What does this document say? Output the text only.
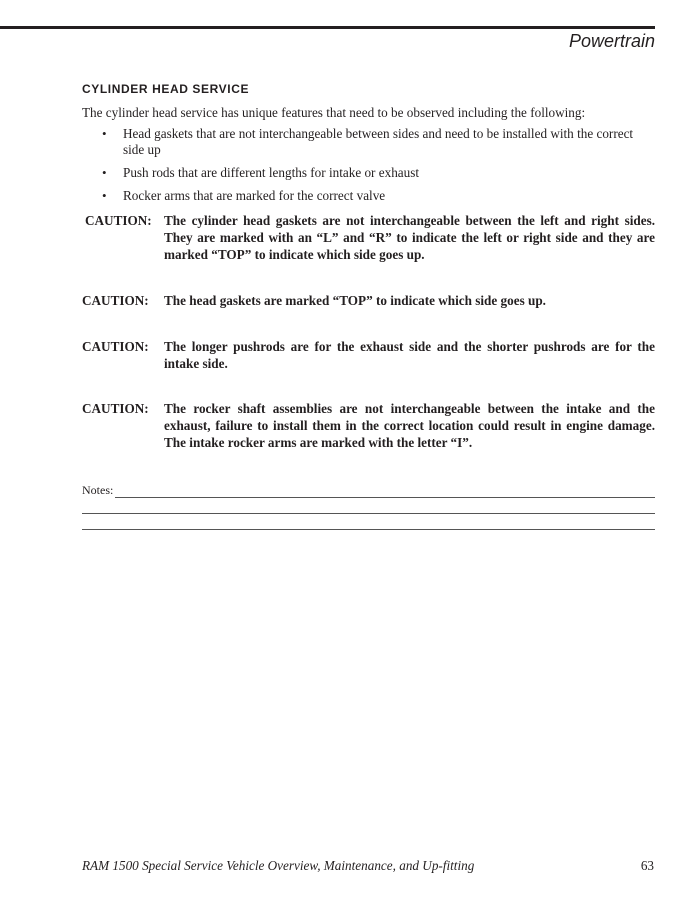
Powertrain
CYLINDER HEAD SERVICE
The cylinder head service has unique features that need to be observed including the following:
• Head gaskets that are not interchangeable between sides and need to be installed with the correct side up
• Push rods that are different lengths for intake or exhaust
• Rocker arms that are marked for the correct valve
CAUTION: The cylinder head gaskets are not interchangeable between the left and right sides. They are marked with an “L” and “R” to indicate the left or right side and they are marked “TOP” to indicate which side goes up.
CAUTION:	The head gaskets are marked “TOP” to indicate which side goes up.
CAUTION:	The longer pushrods are for the exhaust side and the shorter pushrods are for the intake side.
CAUTION:	The rocker shaft assemblies are not interchangeable between the intake and the exhaust, failure to install them in the correct location could result in engine damage. The intake rocker arms are marked with the letter “I”.
Notes:
RAM 1500 Special Service Vehicle Overview, Maintenance, and Up-fitting	63
